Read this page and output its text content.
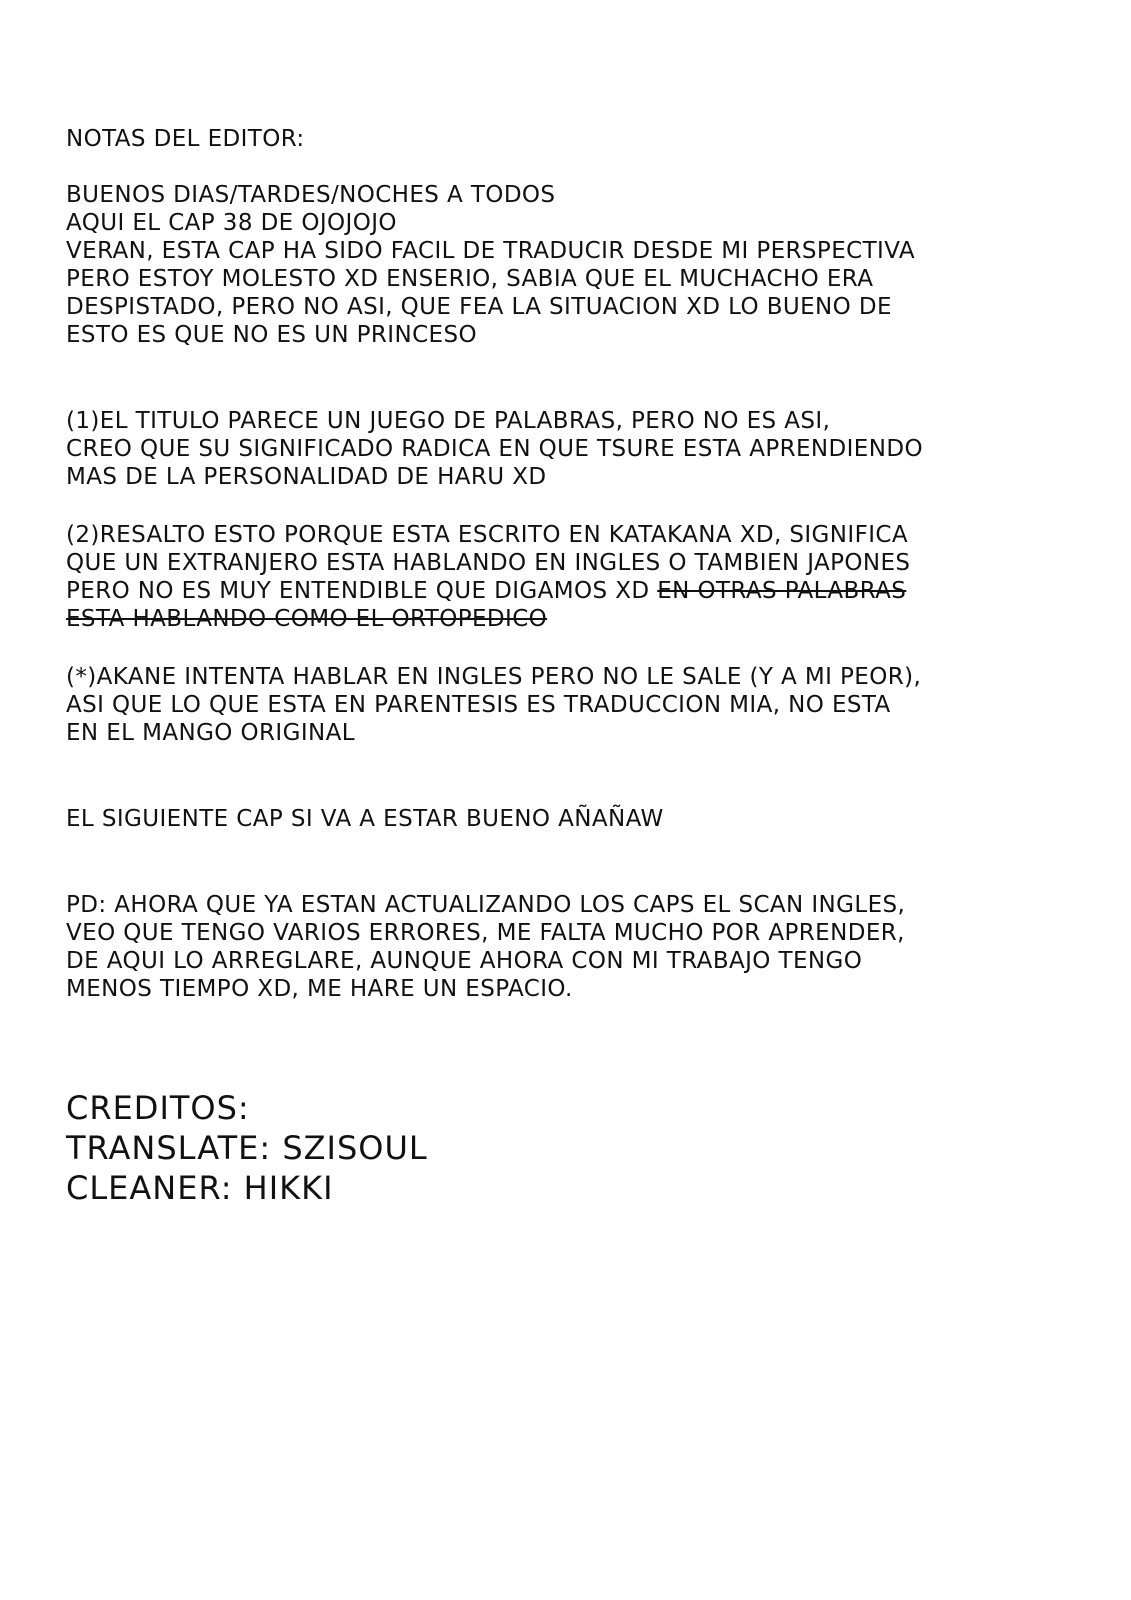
NOTAS DEL EDITOR:
BUENOS DIAS/TARDES/NOCHES A TODOS
AQUI EL CAP 38 DE OJOJOJO
VERAN, ESTA CAP HA SIDO FACIL DE TRADUCIR DESDE MI PERSPECTIVA
PERO ESTOY MOLESTO XD ENSERIO, SABIA QUE EL MUCHACHO ERA
DESPISTADO, PERO NO ASI, QUE FEA LA SITUACION XD LO BUENO DE
ESTO ES QUE NO ES UN PRINCESO
(1)EL TITULO PARECE UN JUEGO DE PALABRAS, PERO NO ES ASI,
CREO QUE SU SIGNIFICADO RADICA EN QUE TSURE ESTA APRENDIENDO
MAS DE LA PERSONALIDAD DE HARU XD
(2)RESALTO ESTO PORQUE ESTA ESCRITO EN KATAKANA XD, SIGNIFICA
QUE UN EXTRANJERO ESTA HABLANDO EN INGLES O TAMBIEN JAPONES
PERO NO ES MUY ENTENDIBLE QUE DIGAMOS XD EN OTRAS PALABRAS
ESTA HABLANDO COMO EL ORTOPEDICO
(*)AKANE INTENTA HABLAR EN INGLES PERO NO LE SALE (Y A MI PEOR),
ASI QUE LO QUE ESTA EN PARENTESIS ES TRADUCCION MIA, NO ESTA
EN EL MANGO ORIGINAL
EL SIGUIENTE CAP SI VA A ESTAR BUENO AÑAÑAW
PD: AHORA QUE YA ESTAN ACTUALIZANDO LOS CAPS EL SCAN INGLES,
VEO QUE TENGO VARIOS ERRORES, ME FALTA MUCHO POR APRENDER,
DE AQUI LO ARREGLARE, AUNQUE AHORA CON MI TRABAJO TENGO
MENOS TIEMPO XD, ME HARE UN ESPACIO.
CREDITOS:
TRANSLATE: SZISOUL
CLEANER: HIKKI
